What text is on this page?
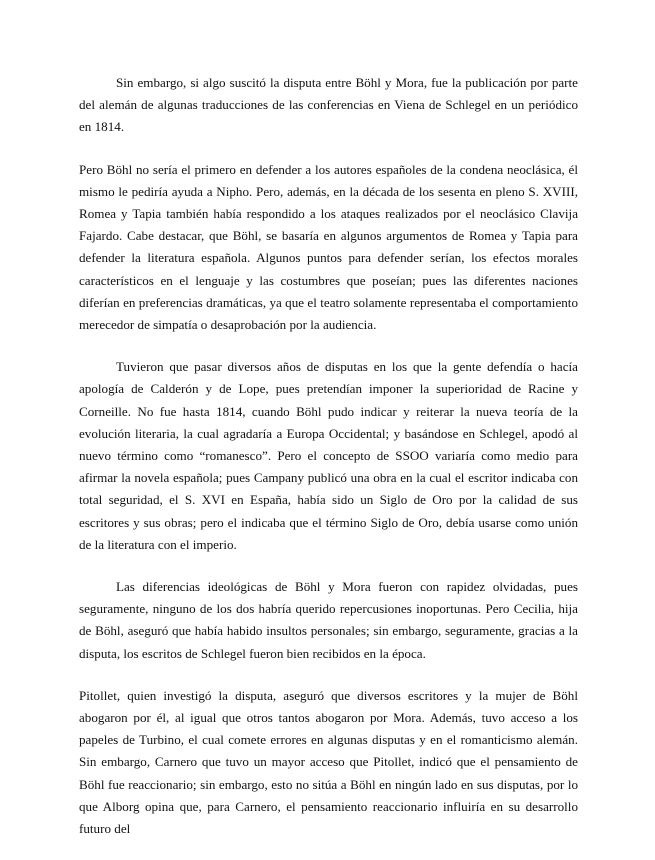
Sin embargo, si algo suscitó la disputa entre Böhl y Mora, fue la publicación por parte del alemán de algunas traducciones de las conferencias en Viena de Schlegel en un periódico en 1814.

Pero Böhl no sería el primero en defender a los autores españoles de la condena neoclásica, él mismo le pediría ayuda a Nipho. Pero, además, en la década de los sesenta en pleno S. XVIII, Romea y Tapia también había respondido a los ataques realizados por el neoclásico Clavija Fajardo. Cabe destacar, que Böhl, se basaría en algunos argumentos de Romea y Tapia para defender la literatura española. Algunos puntos para defender serían, los efectos morales característicos en el lenguaje y las costumbres que poseían; pues las diferentes naciones diferían en preferencias dramáticas, ya que el teatro solamente representaba el comportamiento merecedor de simpatía o desaprobación por la audiencia.

Tuvieron que pasar diversos años de disputas en los que la gente defendía o hacía apología de Calderón y de Lope, pues pretendían imponer la superioridad de Racine y Corneille. No fue hasta 1814, cuando Böhl pudo indicar y reiterar la nueva teoría de la evolución literaria, la cual agradaría a Europa Occidental; y basándose en Schlegel, apodó al nuevo término como “romanesco”. Pero el concepto de SSOO variaría como medio para afirmar la novela española; pues Campany publicó una obra en la cual el escritor indicaba con total seguridad, el S. XVI en España, había sido un Siglo de Oro por la calidad de sus escritores y sus obras; pero el indicaba que el término Siglo de Oro, debía usarse como unión de la literatura con el imperio.

Las diferencias ideológicas de Böhl y Mora fueron con rapidez olvidadas, pues seguramente, ninguno de los dos habría querido repercusiones inoportunas. Pero Cecilia, hija de Böhl, aseguró que había habido insultos personales; sin embargo, seguramente, gracias a la disputa, los escritos de Schlegel fueron bien recibidos en la época.

Pitollet, quien investigó la disputa, aseguró que diversos escritores y la mujer de Böhl abogaron por él, al igual que otros tantos abogaron por Mora. Además, tuvo acceso a los papeles de Turbino, el cual comete errores en algunas disputas y en el romanticismo alemán. Sin embargo, Carnero que tuvo un mayor acceso que Pitollet, indicó que el pensamiento de Böhl fue reaccionario; sin embargo, esto no sitúa a Böhl en ningún lado en sus disputas, por lo que Alborg opina que, para Carnero, el pensamiento reaccionario influiría en su desarrollo futuro del
